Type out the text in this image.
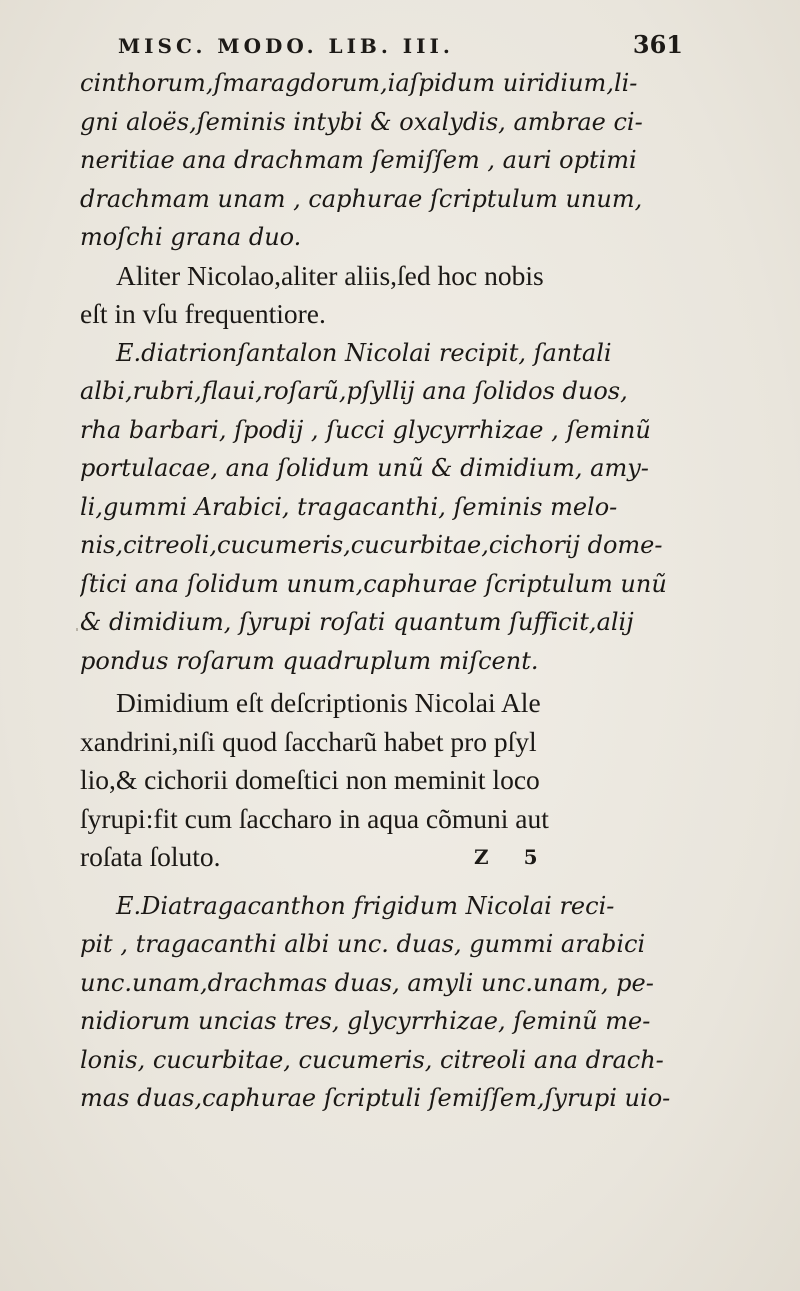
MISC. MODO. LIB. III.	361
cinthorum,ſmaragdorum,iaſpidum uiridium,li-
gni aloës,ſeminis intybi & oxalydis, ambrae ci-
neritiae ana drachmam ſemiſſem , auri optimi
drachmam unam , caphurae ſcriptulum unum,
moſchi grana duo.
Aliter Nicolao,aliter aliis,ſed hoc nobis
eſt in vſu frequentiore.
E.diatrionſantalon Nicolai recipit, ſantali
albi,rubri,flaui,roſarũ,pſyllij ana ſolidos duos,
rha barbari, ſpodij , ſucci glycyrrhizae , ſeminũ
portulacae, ana ſolidum unũ & dimidium, amy-
li,gummi Arabici, tragacanthi, ſeminis melo-
nis,citreoli,cucumeris,cucurbitae,cichorij dome-
ſtici ana ſolidum unum,caphurae ſcriptulum unũ
& dimidium, ſyrupi roſati quantum ſufficit,alij
pondus roſarum quadruplum miſcent.
Dimidium eſt deſcriptionis Nicolai Ale
xandrini,niſi quod ſaccharũ habet pro pſyl
lio,& cichorii domeſtici non meminit loco
ſyrupi:fit cum ſaccharo in aqua cõmuni aut
roſata ſoluto.
E.Diatragacanthon frigidum Nicolai reci-
pit , tragacanthi albi unc. duas, gummi arabici
unc.unam,drachmas duas, amyli unc.unam, pe-
nidiorum uncias tres, glycyrrhizae, ſeminũ me-
lonis, cucurbitae, cucumeris, citreoli ana drach-
mas duas,caphurae ſcriptuli ſemiſſem,ſyrupi uio-
Z 5
